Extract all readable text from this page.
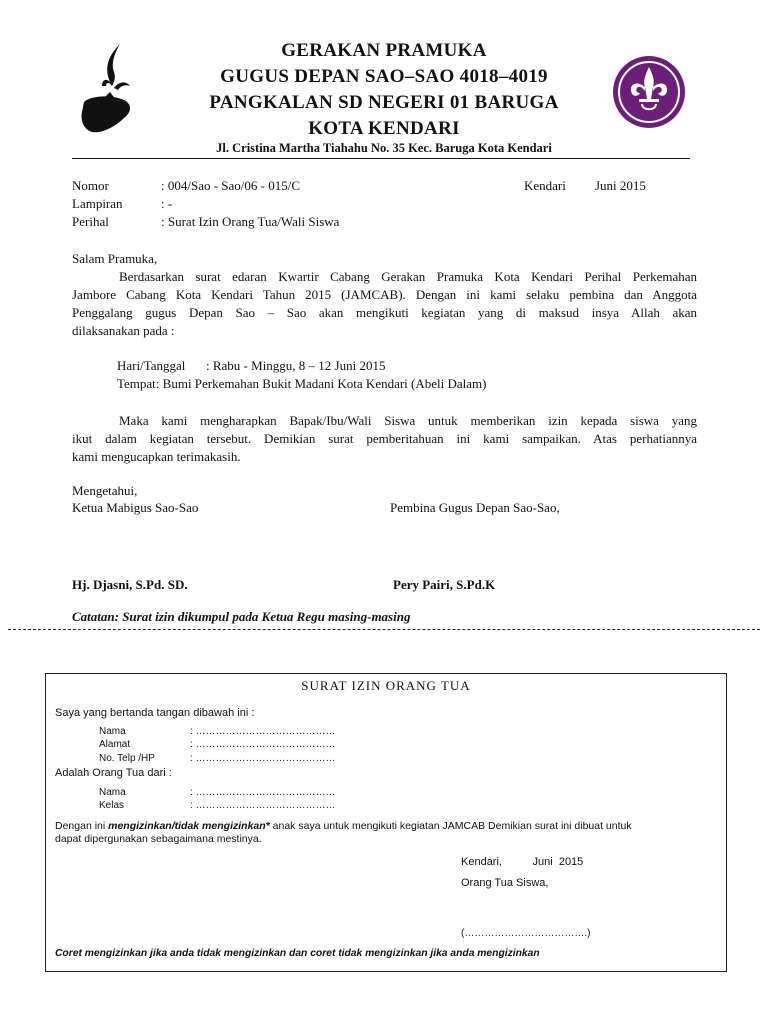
GERAKAN PRAMUKA
GUGUS DEPAN SAO–SAO 4018–4019
PANGKALAN SD NEGERI 01 BARUGA
KOTA KENDARI
Jl. Cristina Martha Tiahahu No. 35 Kec. Baruga Kota Kendari
Nomor	: 004/Sao - Sao/06 - 015/C	Kendari Juni 2015
Lampiran	: -
Perihal	: Surat Izin Orang Tua/Wali Siswa
Salam Pramuka,
Berdasarkan surat edaran Kwartir Cabang Gerakan Pramuka Kota Kendari Perihal Perkemahan
Jambore Cabang Kota Kendari Tahun 2015 (JAMCAB). Dengan ini kami selaku pembina dan Anggota
Penggalang gugus Depan Sao – Sao akan mengikuti kegiatan yang di maksud insya Allah akan
dilaksanakan pada :
Hari/Tanggal : Rabu - Minggu, 8 – 12 Juni 2015
Tempat: Bumi Perkemahan Bukit Madani Kota Kendari (Abeli Dalam)
Maka kami mengharapkan Bapak/Ibu/Wali Siswa untuk memberikan izin kepada siswa yang
ikut dalam kegiatan tersebut. Demikian surat pemberitahuan ini kami sampaikan. Atas perhatiannya
kami mengucapkan terimakasih.
Mengetahui,
Ketua Mabigus Sao-Sao	Pembina Gugus Depan Sao-Sao,
Hj. Djasni, S.Pd. SD.	Pery Pairi, S.Pd.K
Catatan: Surat izin dikumpul pada Ketua Regu masing-masing
SURAT IZIN ORANG TUA
Saya yang bertanda tangan dibawah ini :
Nama	: ……………………………………
Alamat	: ……………………………………
No. Telp /HP	: ……………………………………
Adalah Orang Tua dari :
Nama	: ……………………………………
Kelas	: ……………………………………
Dengan ini mengizinkan/tidak mengizinkan* anak saya untuk mengikuti kegiatan JAMCAB Demikian surat ini dibuat untuk
dapat dipergunakan sebagaimana mestinya.
Kendari,          Juni  2015
Orang Tua Siswa,
(……………………………….)
Coret mengizinkan jika anda tidak mengizinkan dan coret tidak mengizinkan jika anda mengizinkan
